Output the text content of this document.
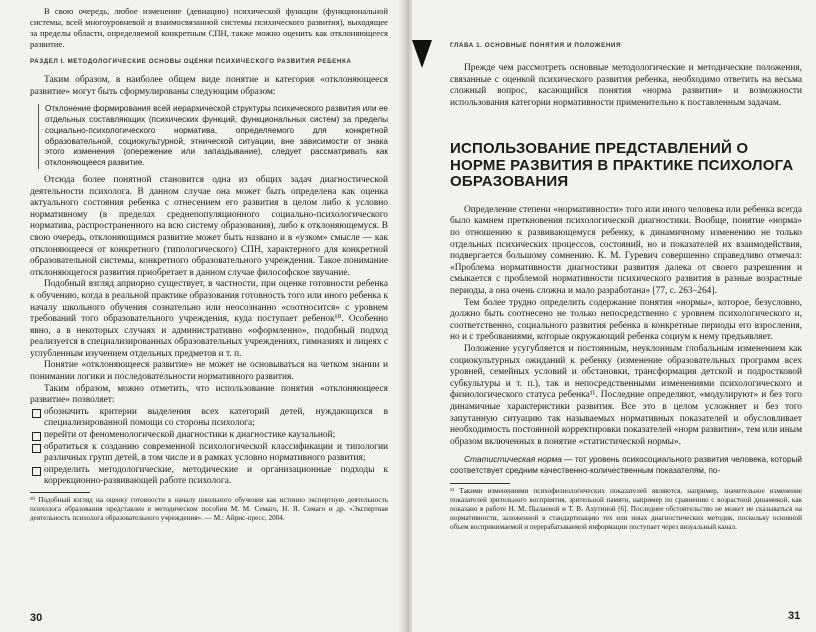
В свою очередь, любое изменение (девиацию) психической функции (функциональной системы, всей многоуровневой и взаимосвязанной системы психического развития), выходящее за пределы области, определяемой конкретным СПН, также можно оценить как отклоняющееся развитие.

РАЗДЕЛ I. МЕТОДОЛОГИЧЕСКИЕ ОСНОВЫ ОЦЕНКИ ПСИХИЧЕСКОГО РАЗВИТИЯ РЕБЕНКА

Таким образом, в наиболее общем виде понятие и категория «отклоняющееся развитие» могут быть сформулированы следующим образом:

Отклонение формирования всей иерархической структуры психического развития или ее отдельных составляющих (психических функций, функциональных систем) за пределы социально-психологического норматива, определяемого для конкретной образовательной, социокультурной, этнической ситуации, вне зависимости от знака этого изменения (опережение или запаздывание), следует рассматривать как отклоняющееся развитие.

Отсюда более понятной становится одна из общих задач диагностической деятельности психолога. В данном случае она может быть определена как оценка актуального состояния ребенка с отнесением его развития в целом либо к условно нормативному (в пределах среднепопуляционного социально-психологического норматива, распространенного на всю систему образования), либо к отклоняющемуся. В свою очередь, отклоняющимся развитие может быть названо и в «узком» смысле — как отклоняющееся от конкретного (типологического) СПН, характерного для конкретной образовательной системы, конкретного образовательного учреждения. Такое понимание отклоняющегося развития приобретает в данном случае философское звучание.

Подобный взгляд априорно существует, в частности, при оценке готовности ребенка к обучению, когда в реальной практике образования готовность того или иного ребенка к началу школьного обучения сознательно или неосознанно «соотносится» с уровнем требований того образовательного учреждения, куда поступает ребенок¹⁰. Особенно явно, а в некоторых случаях и административно «оформленно», подобный подход реализуется в специализированных образовательных учреждениях, гимназиях и лицеях с углубленным изучением отдельных предметов и т. п.

Понятие «отклоняющееся развитие» не может не основываться на четком знании и понимании логики и последовательности нормативного развития.

Таким образом, можно отметить, что использование понятия «отклоняющееся развитие» позволяет:

обозначить критерии выделения всех категорий детей, нуждающихся в специализированной помощи со стороны психолога;
перейти от феноменологической диагностики к диагностике каузальной;
обратиться к созданию современной психологической классификации и типологии различных групп детей, в том числе и в рамках условно нормативного развития;
определить методологические, методические и организационные подходы к коррекционно-развивающей работе психолога.

¹⁰ Подобный взгляд на оценку готовности к началу школьного обучения как истинно экспертную деятельность психолога образования представлен в методическом пособии М. М. Семаго, Н. Я. Семаго и др. «Экспертная деятельность психолога образовательного учреждения». — М.: Айрис-пресс, 2004.

30
ГЛАВА 1. ОСНОВНЫЕ ПОНЯТИЯ И ПОЛОЖЕНИЯ

Прежде чем рассмотреть основные методологические и методические положения, связанные с оценкой психического развития ребенка, необходимо ответить на весьма сложный вопрос, касающийся понятия «норма развития» и возможности использования категории нормативности применительно к поставленным задачам.

ИСПОЛЬЗОВАНИЕ ПРЕДСТАВЛЕНИЙ О НОРМЕ РАЗВИТИЯ В ПРАКТИКЕ ПСИХОЛОГА ОБРАЗОВАНИЯ

Определение степени «нормативности» того или иного человека или ребенка всегда было камнем преткновения психологической диагностики. Вообще, понятие «норма» по отношению к развивающемуся ребенку, к динамичному изменению не только отдельных психических процессов, состояний, но и показателей их взаимодействия, подвергается большому сомнению. К. М. Гуревич совершенно справедливо отмечал: «Проблема нормативности диагностики развития далека от своего разрешения и смыкается с проблемой нормативности психического развития в разные возрастные периоды, а она очень сложна и мало разработана» [77, с. 263–264].

Тем более трудно определить содержание понятия «нормы», которое, безусловно, должно быть соотнесено не только непосредственно с уровнем психологического и, соответственно, социального развития ребенка в конкретные периоды его взросления, но и с требованиями, которые окружающий ребенка социум к нему предъявляет.

Положение усугубляется и постоянным, неуклонным глобальным изменением как социокультурных ожиданий к ребенку (изменение образовательных программ всех уровней, семейных условий и обстановки, трансформация детской и подростковой субкультуры и т. п.), так и непосредственными изменениями психологического и физиологического статуса ребенка¹¹. Последние определяют, «модулируют» и без того динамичные характеристики развития. Все это в целом усложняет и без того запутанную ситуацию так называемых нормативных показателей и обусловливает необходимость постоянной корректировки показателей «норм развития», тем или иным образом включенных в понятие «статистической нормы».

Статистическая норма — тот уровень психосоциального развития человека, который соответствует средним качественно-количественным показателям, по-

¹¹ Такими изменениями психофизиологических показателей являются, например, значительное изменение показателей зрительного восприятия, зрительной памяти, например по сравнению с возрастной динамикой, как показано в работе Н. М. Пылаевой и Т. В. Ахутиной [6]. Последнее обстоятельство не может не сказываться на нормативности, заложенной в стандартизацию тех или иных диагностических методик, поскольку основной объем воспринимаемой и перерабатываемой информации поступает через визуальный канал.

31
